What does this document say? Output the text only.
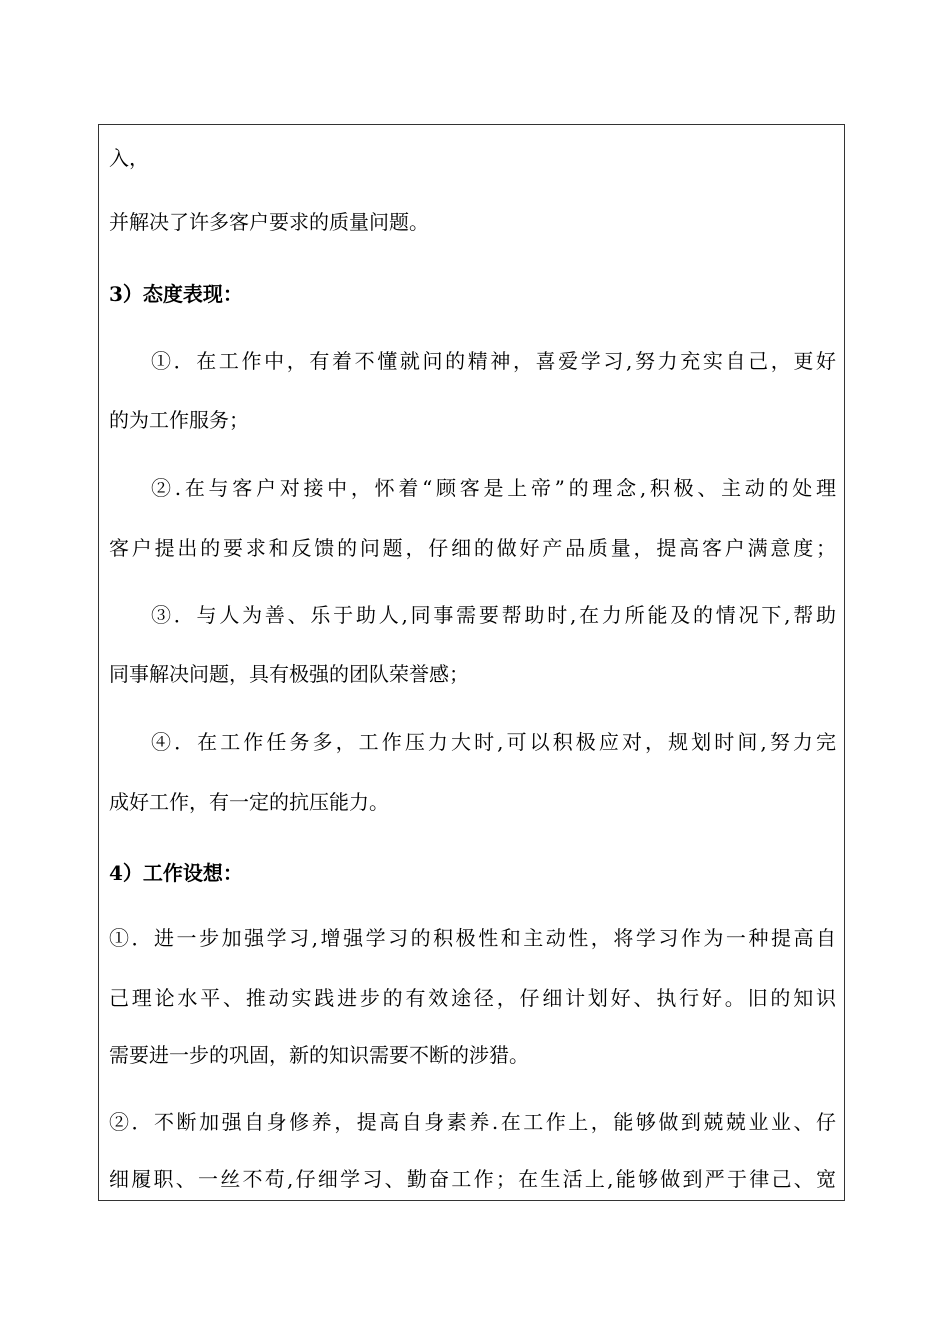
入，
并解决了许多客户要求的质量问题。
3）态度表现：
①．在工作中，有着不懂就问的精神，喜爱学习,努力充实自己，更好
的为工作服务；
②.在与客户对接中，怀着“顾客是上帝”的理念,积极、主动的处理
客户提出的要求和反馈的问题，仔细的做好产品质量，提高客户满意度；
③．与人为善、乐于助人,同事需要帮助时,在力所能及的情况下,帮助
同事解决问题，具有极强的团队荣誉感；
④．在工作任务多，工作压力大时,可以积极应对，规划时间,努力完
成好工作，有一定的抗压能力。
4）工作设想：
①．进一步加强学习,增强学习的积极性和主动性，将学习作为一种提高自
己理论水平、推动实践进步的有效途径，仔细计划好、执行好。旧的知识
需要进一步的巩固，新的知识需要不断的涉猎。
②．不断加强自身修养，提高自身素养.在工作上，能够做到兢兢业业、仔
细履职、一丝不苟,仔细学习、勤奋工作；在生活上,能够做到严于律己、宽
